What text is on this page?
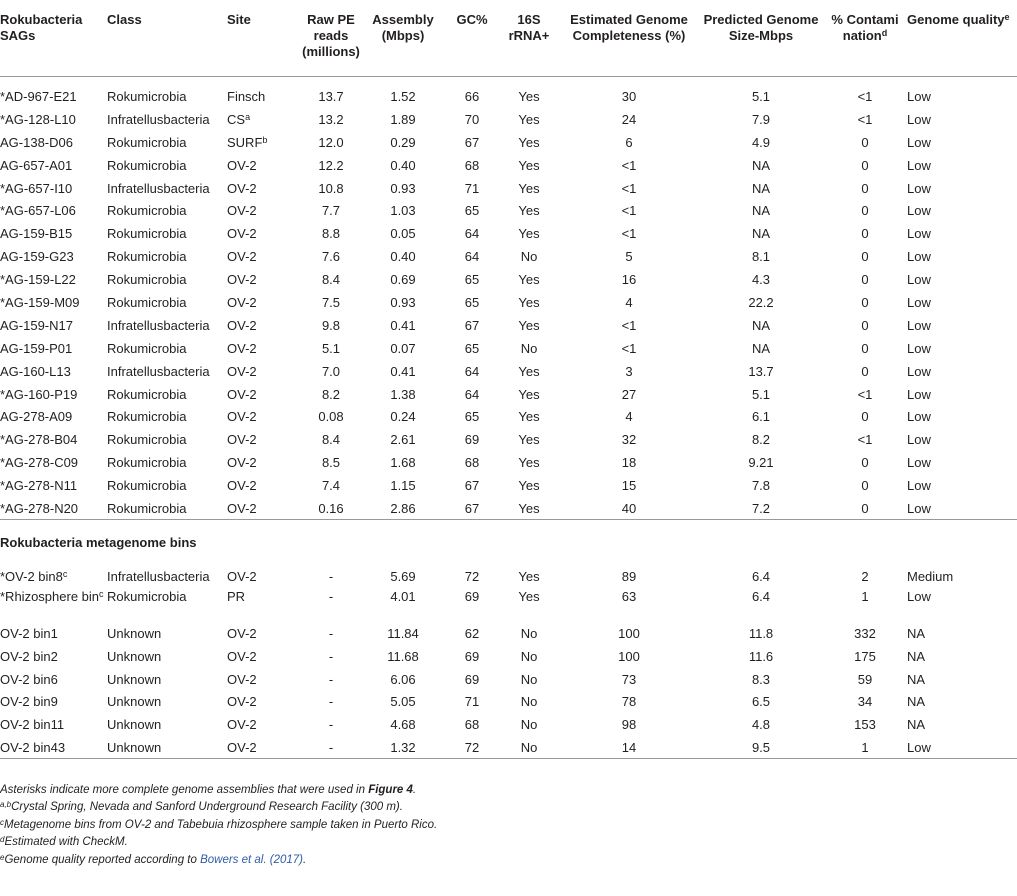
Rokubacteria SAGs	Class	Site	Raw PE reads (millions)	Assembly (Mbps)	GC%	16S rRNA+	Estimated Genome Completeness (%)	Predicted Genome Size-Mbps	% Contami nation$^d$	Genome quality$^e$

*AD-967-E21	Rokumicrobia	Finsch	13.7	1.52	66	Yes	30	5.1	<1	Low
*AG-128-L10	Infratellusbacteria	$CS^a$	13.2	1.89	70	Yes	24	7.9	<1	Low
AG-138-D06	Rokumicrobia	SURF$^b$	12.0	0.29	67	Yes	6	4.9	0	Low
AG-657-A01	Rokumicrobia	OV-2	12.2	0.40	68	Yes	<1	NA	0	Low
*AG-657-I10	Infratellusbacteria	OV-2	10.8	0.93	71	Yes	<1	NA	0	Low
*AG-657-L06	Rokumicrobia	OV-2	7.7	1.03	65	Yes	<1	NA	0	Low
AG-159-B15	Rokumicrobia	OV-2	8.8	0.05	64	Yes	<1	NA	0	Low
AG-159-G23	Rokumicrobia	OV-2	7.6	0.40	64	No	5	8.1	0	Low
*AG-159-L22	Rokumicrobia	OV-2	8.4	0.69	65	Yes	16	4.3	0	Low
*AG-159-M09	Rokumicrobia	OV-2	7.5	0.93	65	Yes	4	22.2	0	Low
AG-159-N17	Infratellusbacteria	OV-2	9.8	0.41	67	Yes	<1	NA	0	Low
AG-159-P01	Rokumicrobia	OV-2	5.1	0.07	65	No	<1	NA	0	Low
AG-160-L13	Infratellusbacteria	OV-2	7.0	0.41	64	Yes	3	13.7	0	Low
*AG-160-P19	Rokumicrobia	OV-2	8.2	1.38	64	Yes	27	5.1	<1	Low
AG-278-A09	Rokumicrobia	OV-2	0.08	0.24	65	Yes	4	6.1	0	Low
*AG-278-B04	Rokumicrobia	OV-2	8.4	2.61	69	Yes	32	8.2	<1	Low
*AG-278-C09	Rokumicrobia	OV-2	8.5	1.68	68	Yes	18	9.21	0	Low
*AG-278-N11	Rokumicrobia	OV-2	7.4	1.15	67	Yes	15	7.8	0	Low
*AG-278-N20	Rokumicrobia	OV-2	0.16	2.86	67	Yes	40	7.2	0	Low
Rokubacteria metagenome bins										
*OV-2 bin8$^c$	Infratellusbacteria	OV-2	-	5.69	72	Yes	89	6.4	2	Medium
*Rhizosphere bin$^c$	Rokumicrobia	PR	-	4.01	69	Yes	63	6.4	1	Low
OV-2 bin1	Unknown	OV-2	-	11.84	62	No	100	11.8	332	NA
OV-2 bin2	Unknown	OV-2	-	11.68	69	No	100	11.6	175	NA
OV-2 bin6	Unknown	OV-2	-	6.06	69	No	73	8.3	59	NA
OV-2 bin9	Unknown	OV-2	-	5.05	71	No	78	6.5	34	NA
OV-2 bin11	Unknown	OV-2	-	4.68	68	No	98	4.8	153	NA
OV-2 bin43	Unknown	OV-2	-	1.32	72	No	14	9.5	1	Low
Asterisks indicate more complete genome assemblies that were used in Figure 4.
$^{a,b}$Crystal Spring, Nevada and Sanford Underground Research Facility (300 m).
$^c$Metagenome bins from OV-2 and Tabebuia rhizosphere sample taken in Puerto Rico.
$^d$Estimated with CheckM.
$^e$Genome quality reported according to Bowers et al. (2017).
